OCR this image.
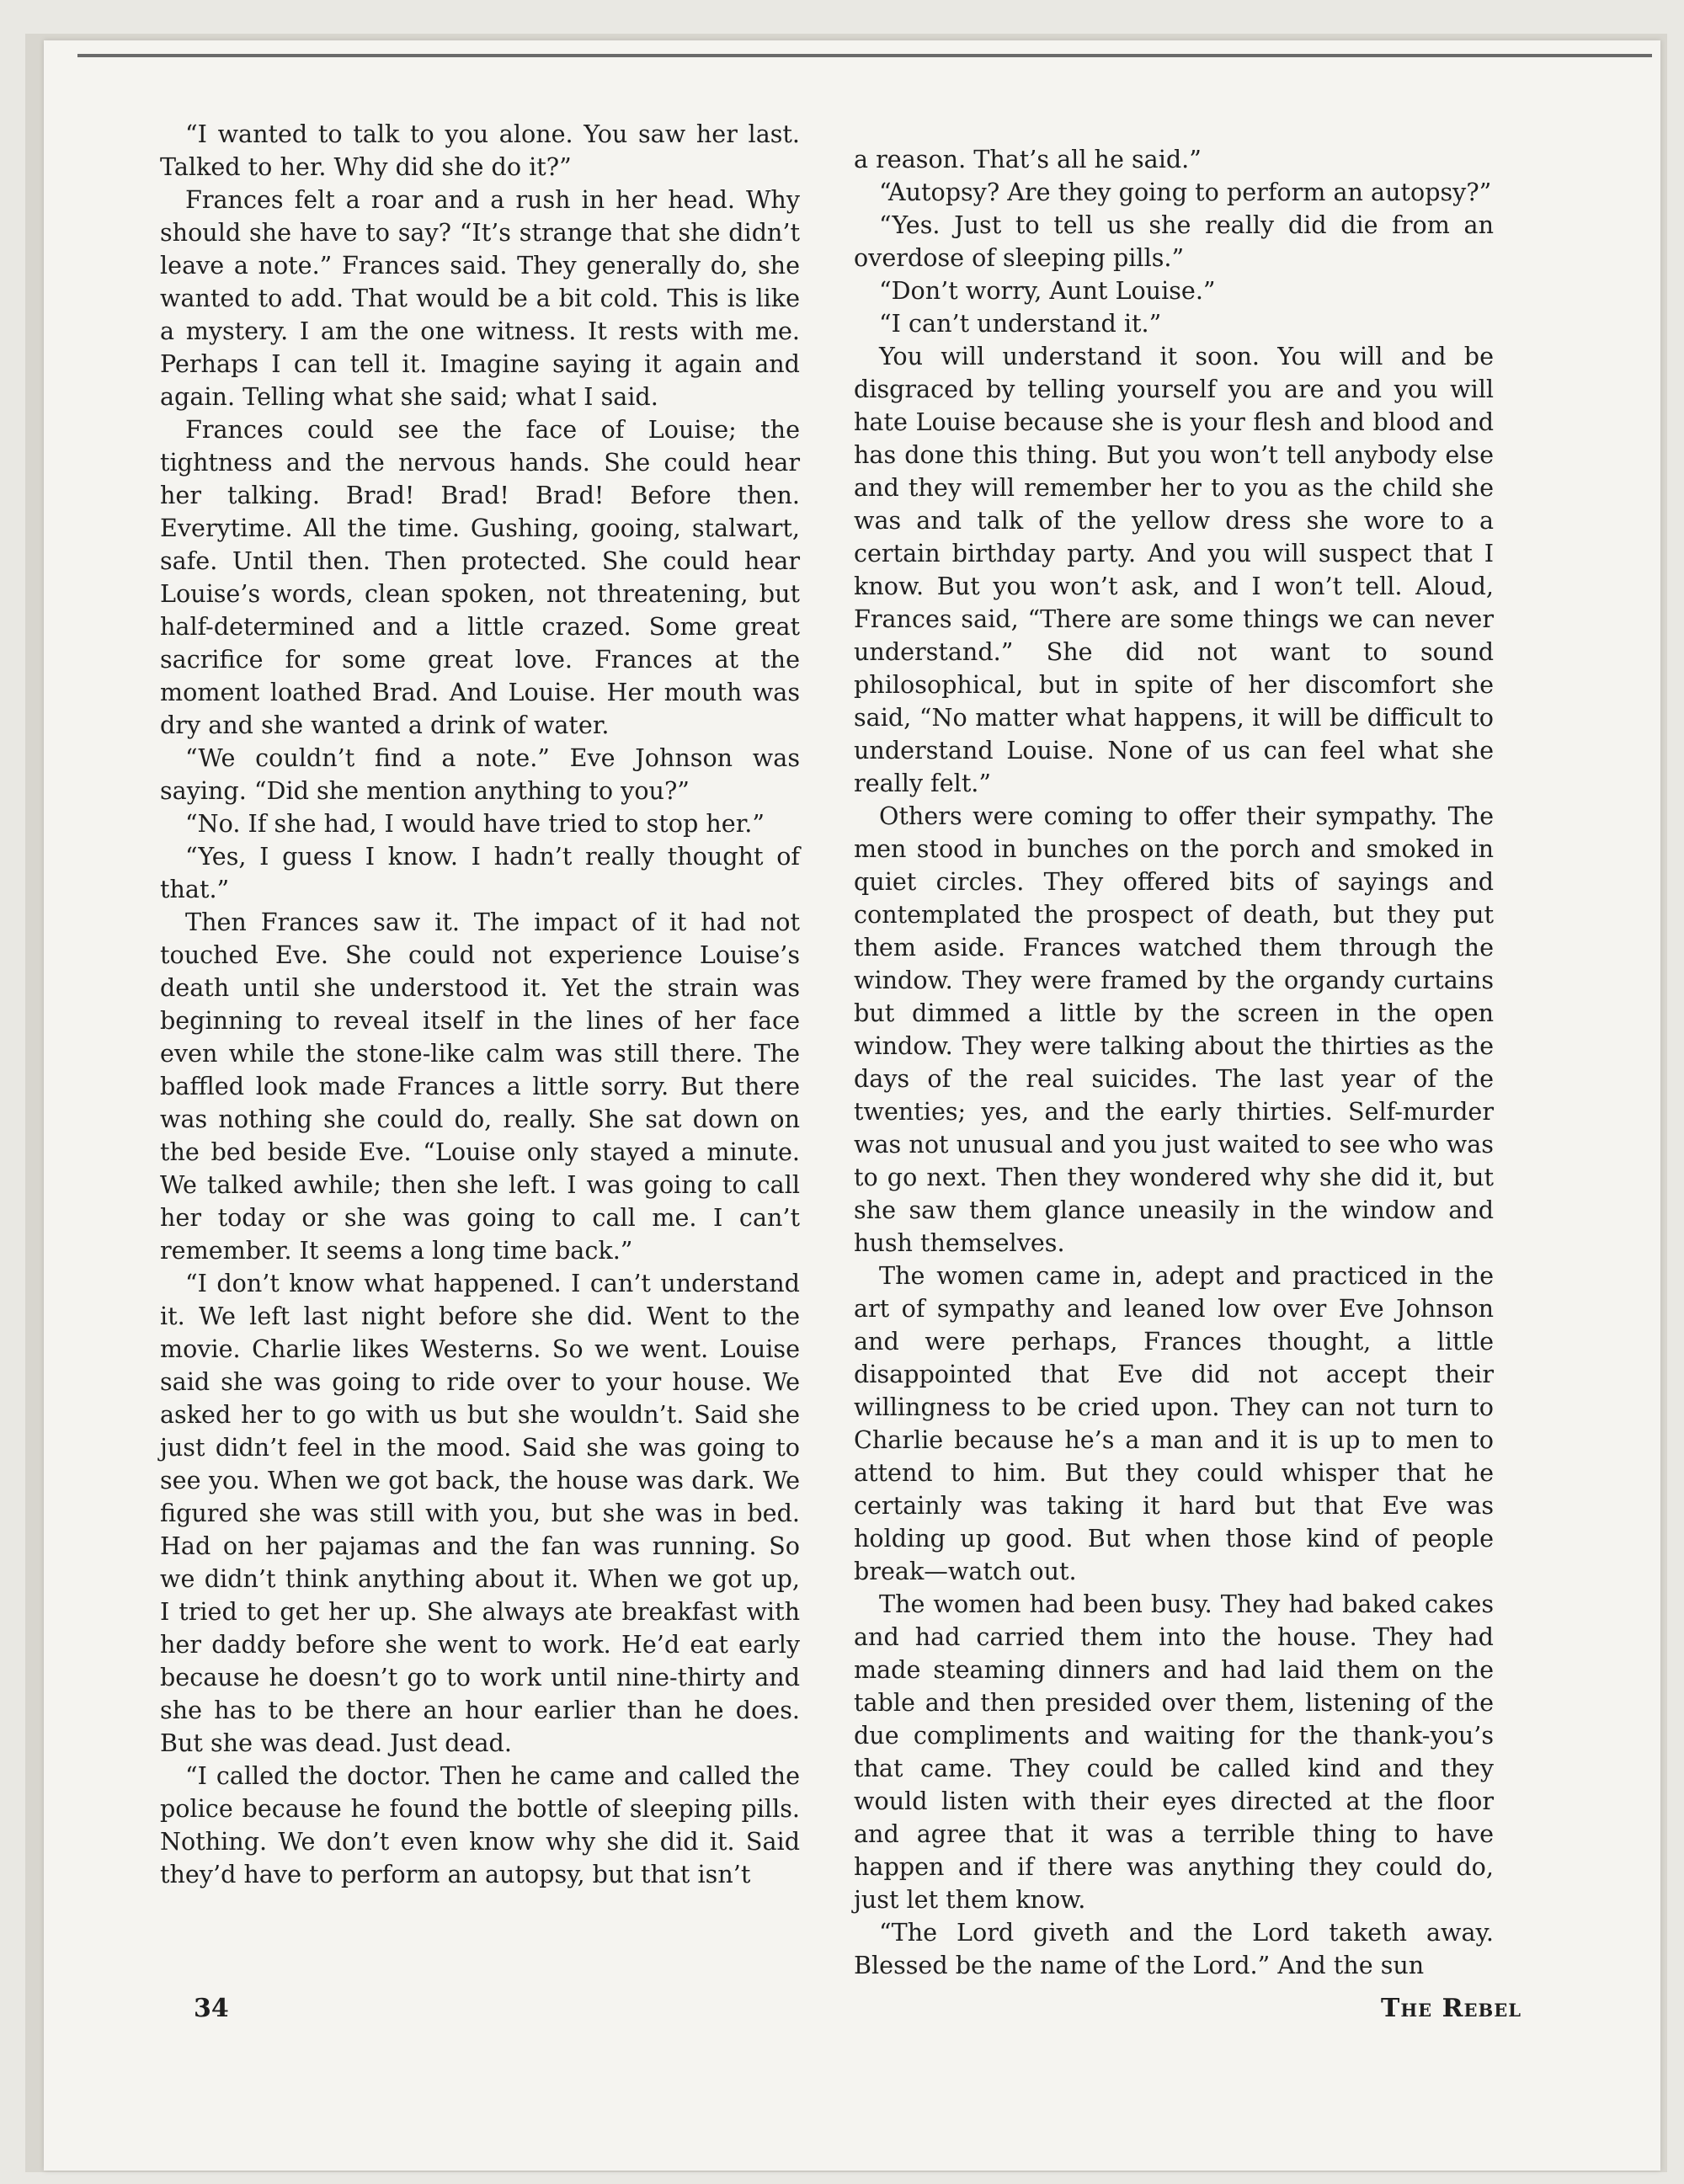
“I wanted to talk to you alone. You saw her last. Talked to her. Why did she do it?”

Frances felt a roar and a rush in her head. Why should she have to say? “It’s strange that she didn’t leave a note.” Frances said. They generally do, she wanted to add. That would be a bit cold. This is like a mystery. I am the one witness. It rests with me. Perhaps I can tell it. Imagine saying it again and again. Telling what she said; what I said.

Frances could see the face of Louise; the tightness and the nervous hands. She could hear her talking. Brad! Brad! Brad! Before then. Everytime. All the time. Gushing, gooing, stalwart, safe. Until then. Then protected. She could hear Louise’s words, clean spoken, not threatening, but half-determined and a little crazed. Some great sacrifice for some great love. Frances at the moment loathed Brad. And Louise. Her mouth was dry and she wanted a drink of water.

“We couldn’t find a note.” Eve Johnson was saying. “Did she mention anything to you?”

“No. If she had, I would have tried to stop her.”

“Yes, I guess I know. I hadn’t really thought of that.”

Then Frances saw it. The impact of it had not touched Eve. She could not experience Louise’s death until she understood it. Yet the strain was beginning to reveal itself in the lines of her face even while the stone-like calm was still there. The baffled look made Frances a little sorry. But there was nothing she could do, really. She sat down on the bed beside Eve. “Louise only stayed a minute. We talked awhile; then she left. I was going to call her today or she was going to call me. I can’t remember. It seems a long time back.”

“I don’t know what happened. I can’t understand it. We left last night before she did. Went to the movie. Charlie likes Westerns. So we went. Louise said she was going to ride over to your house. We asked her to go with us but she wouldn’t. Said she just didn’t feel in the mood. Said she was going to see you. When we got back, the house was dark. We figured she was still with you, but she was in bed. Had on her pajamas and the fan was running. So we didn’t think anything about it. When we got up, I tried to get her up. She always ate breakfast with her daddy before she went to work. He’d eat early because he doesn’t go to work until nine-thirty and she has to be there an hour earlier than he does. But she was dead. Just dead.

“I called the doctor. Then he came and called the police because he found the bottle of sleeping pills. Nothing. We don’t even know why she did it. Said they’d have to perform an autopsy, but that isn’t

a reason. That’s all he said.”

“Autopsy? Are they going to perform an autopsy?”

“Yes. Just to tell us she really did die from an overdose of sleeping pills.”

“Don’t worry, Aunt Louise.”

“I can’t understand it.”

You will understand it soon. You will and be disgraced by telling yourself you are and you will hate Louise because she is your flesh and blood and has done this thing. But you won’t tell anybody else and they will remember her to you as the child she was and talk of the yellow dress she wore to a certain birthday party. And you will suspect that I know. But you won’t ask, and I won’t tell. Aloud, Frances said, “There are some things we can never understand.” She did not want to sound philosophical, but in spite of her discomfort she said, “No matter what happens, it will be difficult to understand Louise. None of us can feel what she really felt.”

Others were coming to offer their sympathy. The men stood in bunches on the porch and smoked in quiet circles. They offered bits of sayings and contemplated the prospect of death, but they put them aside. Frances watched them through the window. They were framed by the organdy curtains but dimmed a little by the screen in the open window. They were talking about the thirties as the days of the real suicides. The last year of the twenties; yes, and the early thirties. Self-murder was not unusual and you just waited to see who was to go next. Then they wondered why she did it, but she saw them glance uneasily in the window and hush themselves.

The women came in, adept and practiced in the art of sympathy and leaned low over Eve Johnson and were perhaps, Frances thought, a little disappointed that Eve did not accept their willingness to be cried upon. They can not turn to Charlie because he’s a man and it is up to men to attend to him. But they could whisper that he certainly was taking it hard but that Eve was holding up good. But when those kind of people break—watch out.

The women had been busy. They had baked cakes and had carried them into the house. They had made steaming dinners and had laid them on the table and then presided over them, listening of the due compliments and waiting for the thank-you’s that came. They could be called kind and they would listen with their eyes directed at the floor and agree that it was a terrible thing to have happen and if there was anything they could do, just let them know.

“The Lord giveth and the Lord taketh away. Blessed be the name of the Lord.” And the sun

34	The Rebel
